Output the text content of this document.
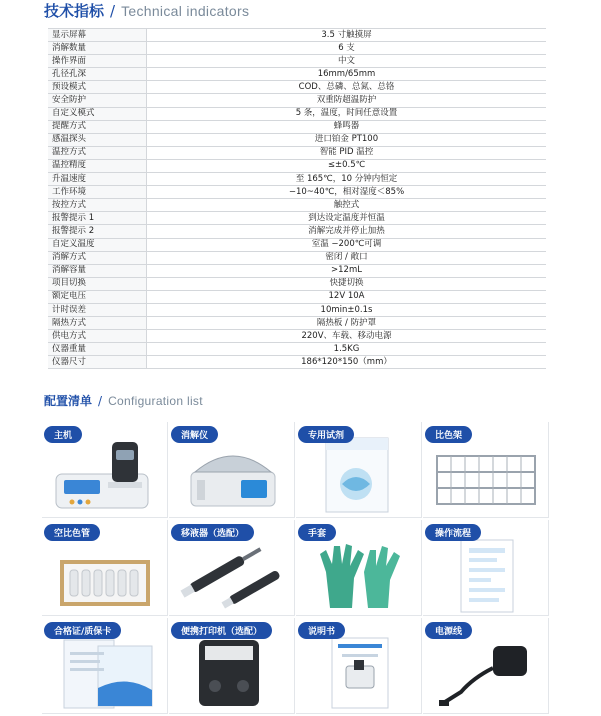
技术指标 / Technical indicators
显示屏幕	3.5 寸触摸屏
消解数量	6 支
操作界面	中文
孔径孔深	16mm/65mm
预设模式	COD、总磷、总氮、总铬
安全防护	双重防超温防护
自定义模式	5 条，温度，时间任意设置
提醒方式	蜂鸣器
感温探头	进口铂金 PT100
温控方式	智能 PID 温控
温控精度	≤±0.5℃
升温速度	至 165℃，10 分钟内恒定
工作环境	−10~40℃，相对湿度＜85%
按控方式	触控式
报警提示 1	到达设定温度并恒温
报警提示 2	消解完成并停止加热
自定义温度	室温 −200℃可调
消解方式	密闭 / 敞口
消解容量	>12mL
项目切换	快捷切换
额定电压	12V 10A
计时误差	10min±0.1s
隔热方式	隔热板 / 防护罩
供电方式	220V、车载、移动电源
仪器重量	1.5KG
仪器尺寸	186*120*150（mm）
配置清单 / Configuration list
主机	消解仪	专用试剂	比色架
空比色管	移液器（选配）	手套	操作流程
合格证/质保卡	便携打印机（选配）	说明书	电源线
